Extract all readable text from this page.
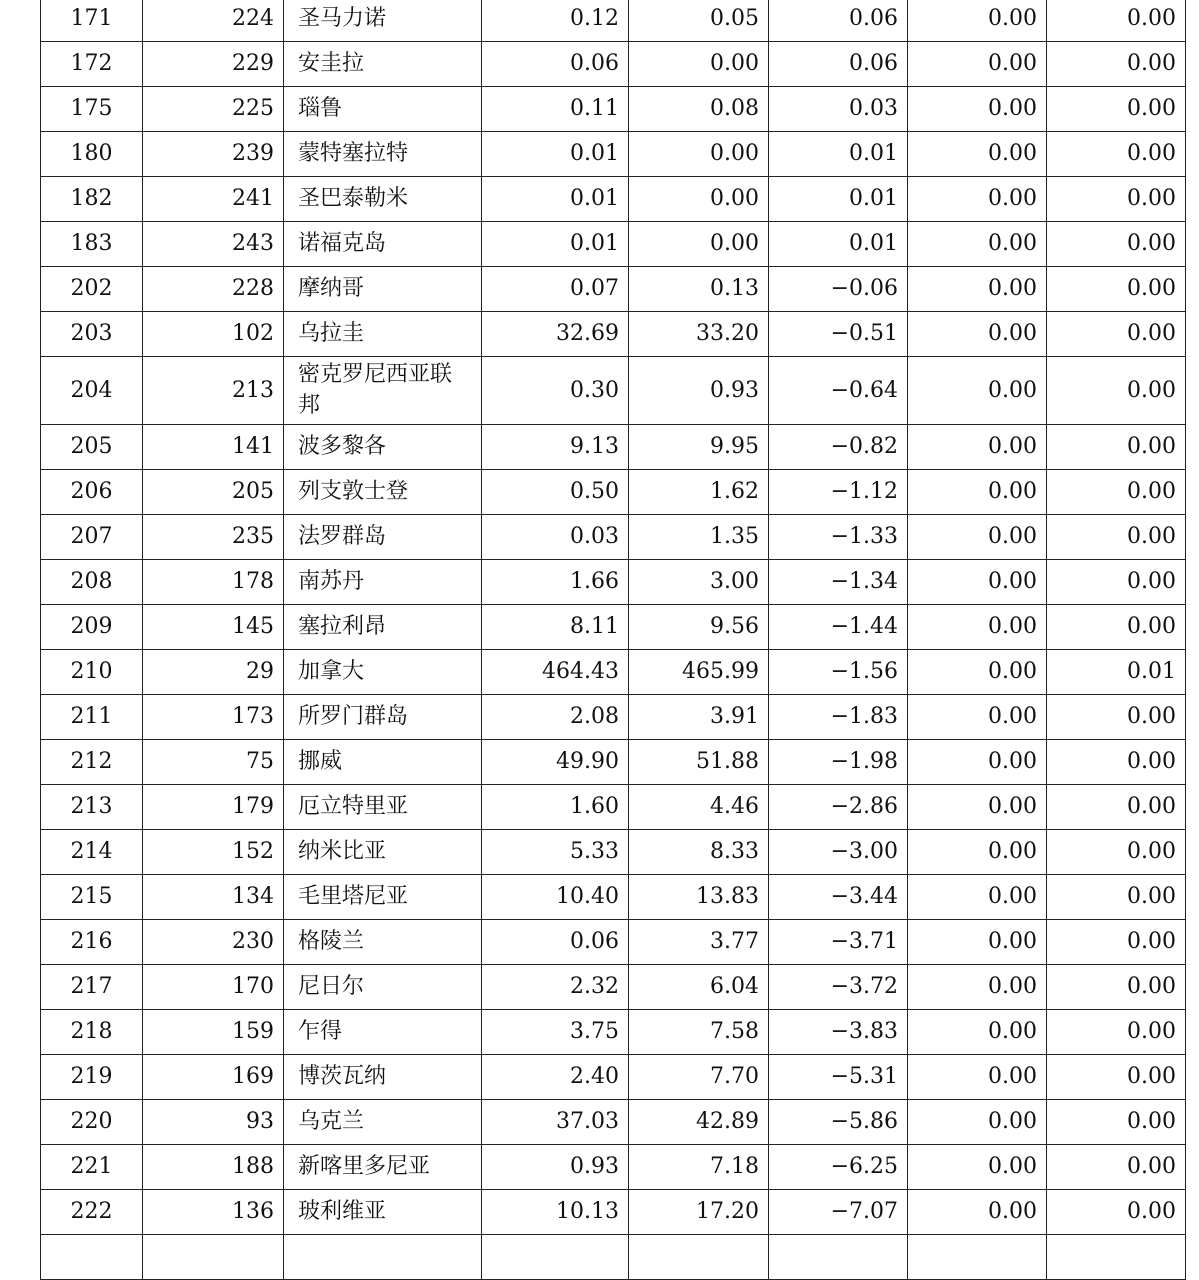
171	224	圣马力诺	0.12	0.05	0.06	0.00	0.00
172	229	安圭拉	0.06	0.00	0.06	0.00	0.00
175	225	瑙鲁	0.11	0.08	0.03	0.00	0.00
180	239	蒙特塞拉特	0.01	0.00	0.01	0.00	0.00
182	241	圣巴泰勒米	0.01	0.00	0.01	0.00	0.00
183	243	诺福克岛	0.01	0.00	0.01	0.00	0.00
202	228	摩纳哥	0.07	0.13	−0.06	0.00	0.00
203	102	乌拉圭	32.69	33.20	−0.51	0.00	0.00
204	213	密克罗尼西亚联邦	0.30	0.93	−0.64	0.00	0.00
205	141	波多黎各	9.13	9.95	−0.82	0.00	0.00
206	205	列支敦士登	0.50	1.62	−1.12	0.00	0.00
207	235	法罗群岛	0.03	1.35	−1.33	0.00	0.00
208	178	南苏丹	1.66	3.00	−1.34	0.00	0.00
209	145	塞拉利昂	8.11	9.56	−1.44	0.00	0.00
210	29	加拿大	464.43	465.99	−1.56	0.00	0.01
211	173	所罗门群岛	2.08	3.91	−1.83	0.00	0.00
212	75	挪威	49.90	51.88	−1.98	0.00	0.00
213	179	厄立特里亚	1.60	4.46	−2.86	0.00	0.00
214	152	纳米比亚	5.33	8.33	−3.00	0.00	0.00
215	134	毛里塔尼亚	10.40	13.83	−3.44	0.00	0.00
216	230	格陵兰	0.06	3.77	−3.71	0.00	0.00
217	170	尼日尔	2.32	6.04	−3.72	0.00	0.00
218	159	乍得	3.75	7.58	−3.83	0.00	0.00
219	169	博茨瓦纳	2.40	7.70	−5.31	0.00	0.00
220	93	乌克兰	37.03	42.89	−5.86	0.00	0.00
221	188	新喀里多尼亚	0.93	7.18	−6.25	0.00	0.00
222	136	玻利维亚	10.13	17.20	−7.07	0.00	0.00
